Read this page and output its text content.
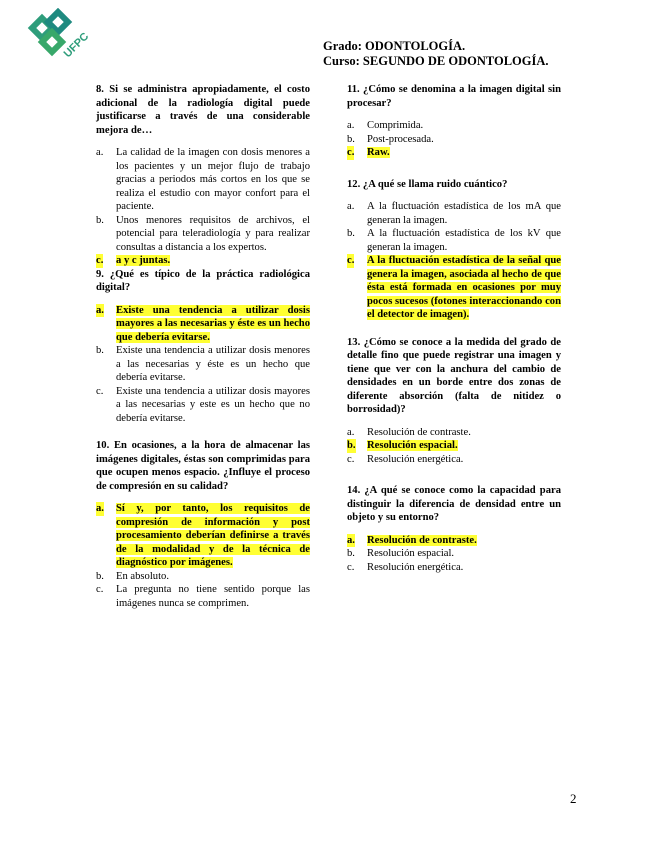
UFPC	Grado: ODONTOLOGÍA.
Curso: SEGUNDO DE ODONTOLOGÍA.

8. Si se administra apropiadamente, el costo adicional de la radiología digital puede justificarse a través de una considerable mejora de…

a. La calidad de la imagen con dosis menores a los pacientes y un mejor flujo de trabajo gracias a periodos más cortos en los que se realiza el estudio con mayor confort para el paciente.
b. Unos menores requisitos de archivos, el potencial para teleradiología y para realizar consultas a distancia a los expertos.
c. a y c juntas.

9. ¿Qué es típico de la práctica radiológica digital?

a. Existe una tendencia a utilizar dosis mayores a las necesarias y éste es un hecho que debería evitarse.
b. Existe una tendencia a utilizar dosis menores a las necesarias y éste es un hecho que debería evitarse.
c. Existe una tendencia a utilizar dosis mayores a las necesarias y este es un hecho que no debería evitarse.

10. En ocasiones, a la hora de almacenar las imágenes digitales, éstas son comprimidas para que ocupen menos espacio. ¿Influye el proceso de compresión en su calidad?

a. Sí y, por tanto, los requisitos de compresión de información y post procesamiento deberían definirse a través de la modalidad y de la técnica de diagnóstico por imágenes.
b. En absoluto.
c. La pregunta no tiene sentido porque las imágenes nunca se comprimen.

11. ¿Cómo se denomina a la imagen digital sin procesar?

a. Comprimida.
b. Post-procesada.
c. Raw.

12. ¿A qué se llama ruido cuántico?

a. A la fluctuación estadística de los mA que generan la imagen.
b. A la fluctuación estadística de los kV que generan la imagen.
c. A la fluctuación estadística de la señal que genera la imagen, asociada al hecho de que ésta está formada en ocasiones por muy pocos sucesos (fotones interaccionando con el detector de imagen).

13. ¿Cómo se conoce a la medida del grado de detalle fino que puede registrar una imagen y tiene que ver con la anchura del cambio de densidades en un borde entre dos zonas de diferente absorción (falta de nitidez o borrosidad)?

a. Resolución de contraste.
b. Resolución espacial.
c. Resolución energética.

14. ¿A qué se conoce como la capacidad para distinguir la diferencia de densidad entre un objeto y su entorno?

a. Resolución de contraste.
b. Resolución espacial.
c. Resolución energética.
2
